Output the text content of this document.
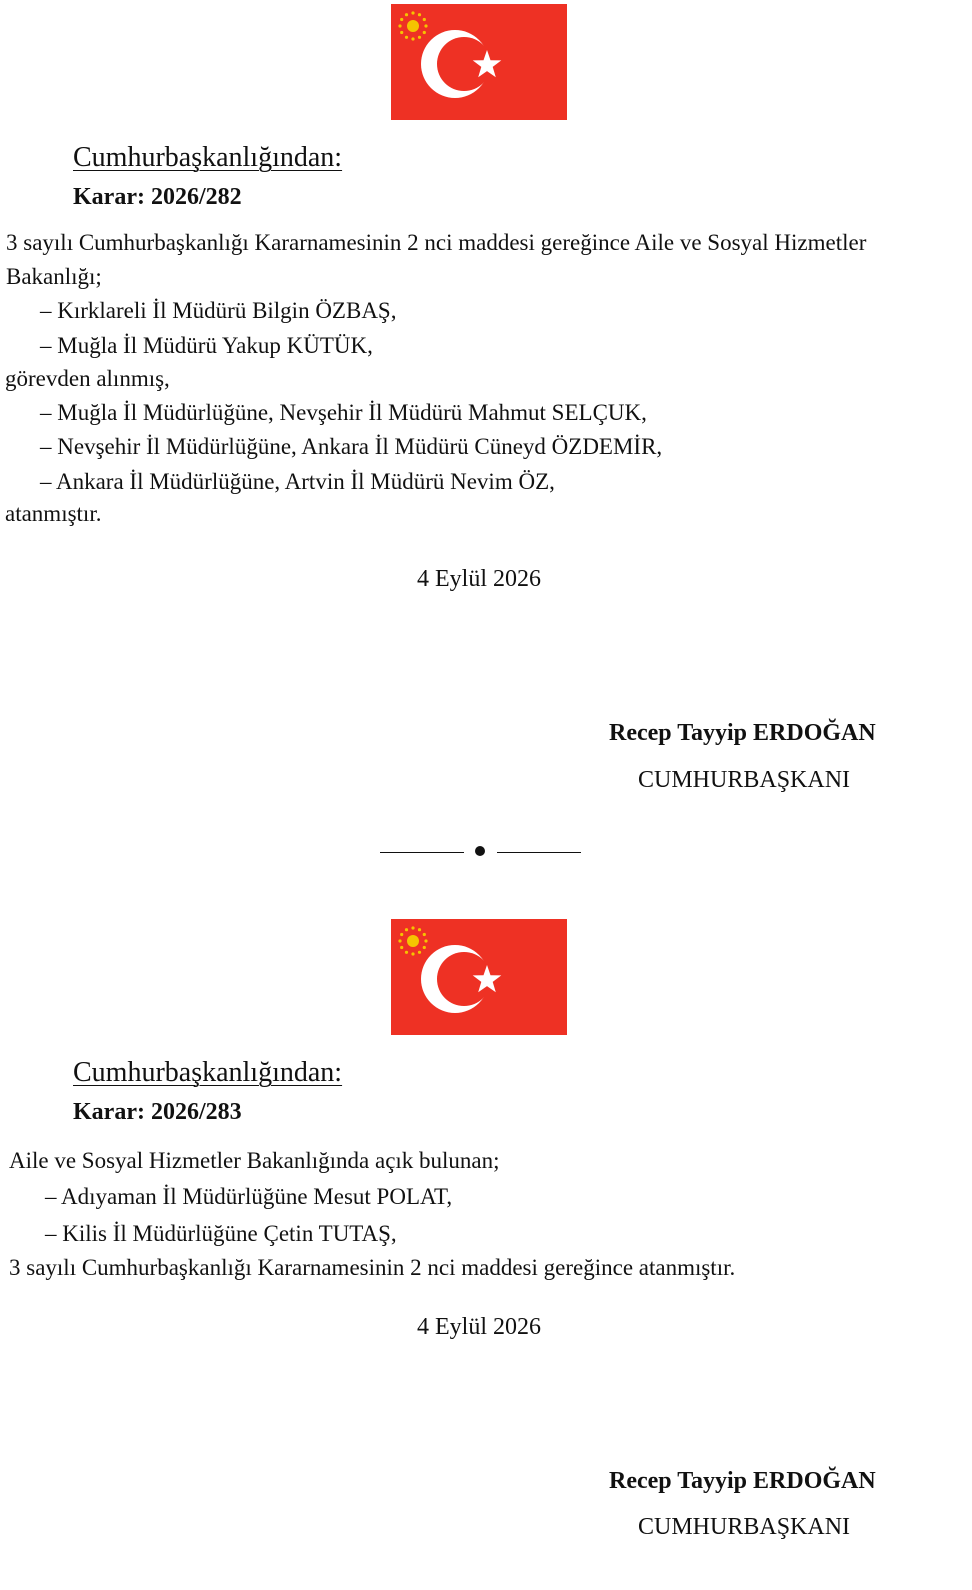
Cumhurbaşkanlığından:
Karar: 2026/282
3 sayılı Cumhurbaşkanlığı Kararnamesinin 2 nci maddesi gereğince Aile ve Sosyal Hizmetler
Bakanlığı;
– Kırklareli İl Müdürü Bilgin ÖZBAŞ,
– Muğla İl Müdürü Yakup KÜTÜK,
görevden alınmış,
– Muğla İl Müdürlüğüne, Nevşehir İl Müdürü Mahmut SELÇUK,
– Nevşehir İl Müdürlüğüne, Ankara İl Müdürü Cüneyd ÖZDEMİR,
– Ankara İl Müdürlüğüne, Artvin İl Müdürü Nevim ÖZ,
atanmıştır.
4 Eylül 2026
Recep Tayyip ERDOĞAN
CUMHURBAŞKANI
Cumhurbaşkanlığından:
Karar: 2026/283
Aile ve Sosyal Hizmetler Bakanlığında açık bulunan;
– Adıyaman İl Müdürlüğüne Mesut POLAT,
– Kilis İl Müdürlüğüne Çetin TUTAŞ,
3 sayılı Cumhurbaşkanlığı Kararnamesinin 2 nci maddesi gereğince atanmıştır.
4 Eylül 2026
Recep Tayyip ERDOĞAN
CUMHURBAŞKANI
